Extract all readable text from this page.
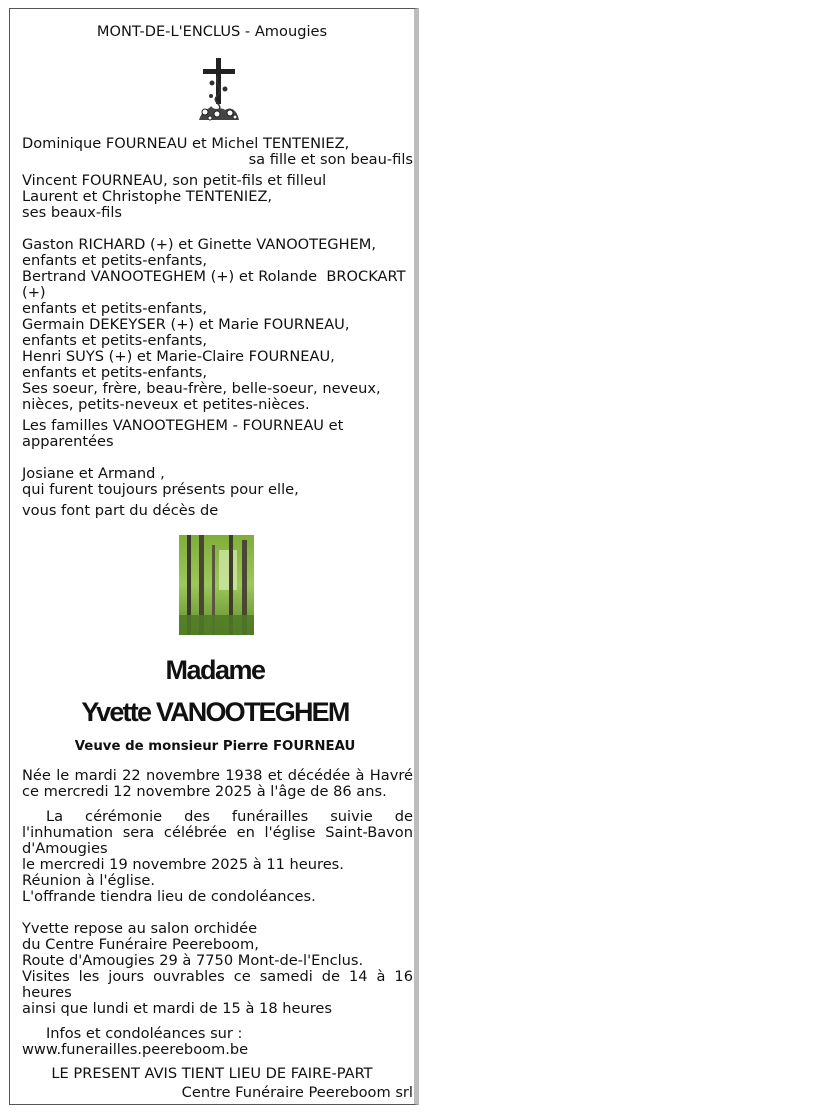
MONT-DE-L'ENCLUS - Amougies
Dominique FOURNEAU et Michel TENTENIEZ,
sa fille et son beau-fils
Vincent FOURNEAU, son petit-fils et filleul
Laurent et Christophe TENTENIEZ,
ses beaux-fils
Gaston RICHARD (+) et Ginette VANOOTEGHEM,
enfants et petits-enfants,
Bertrand VANOOTEGHEM (+) et Rolande  BROCKART
(+)
enfants et petits-enfants,
Germain DEKEYSER (+) et Marie FOURNEAU,
enfants et petits-enfants,
Henri SUYS (+) et Marie-Claire FOURNEAU,
enfants et petits-enfants,
Ses soeur, frère, beau-frère, belle-soeur, neveux,
nièces, petits-neveux et petites-nièces.
Les familles VANOOTEGHEM - FOURNEAU et
apparentées
Josiane et Armand ,
qui furent toujours présents pour elle,
vous font part du décès de
Madame
Yvette VANOOTEGHEM
Veuve de monsieur Pierre FOURNEAU
Née le mardi 22 novembre 1938 et décédée à Havré
ce mercredi 12 novembre 2025 à l'âge de 86 ans.
La cérémonie des funérailles suivie de l'inhumation sera célébrée en l'église Saint-Bavon d'Amougies
le mercredi 19 novembre 2025 à 11 heures.
Réunion à l'église.
L'offrande tiendra lieu de condoléances.
Yvette repose au salon orchidée
du Centre Funéraire Peereboom,
Route d'Amougies 29 à 7750 Mont-de-l'Enclus.
Visites les jours ouvrables ce samedi de 14 à 16 heures
ainsi que lundi et mardi de 15 à 18 heures
Infos et condoléances sur :
www.funerailles.peereboom.be
LE PRESENT AVIS TIENT LIEU DE FAIRE-PART
Centre Funéraire Peereboom srl
